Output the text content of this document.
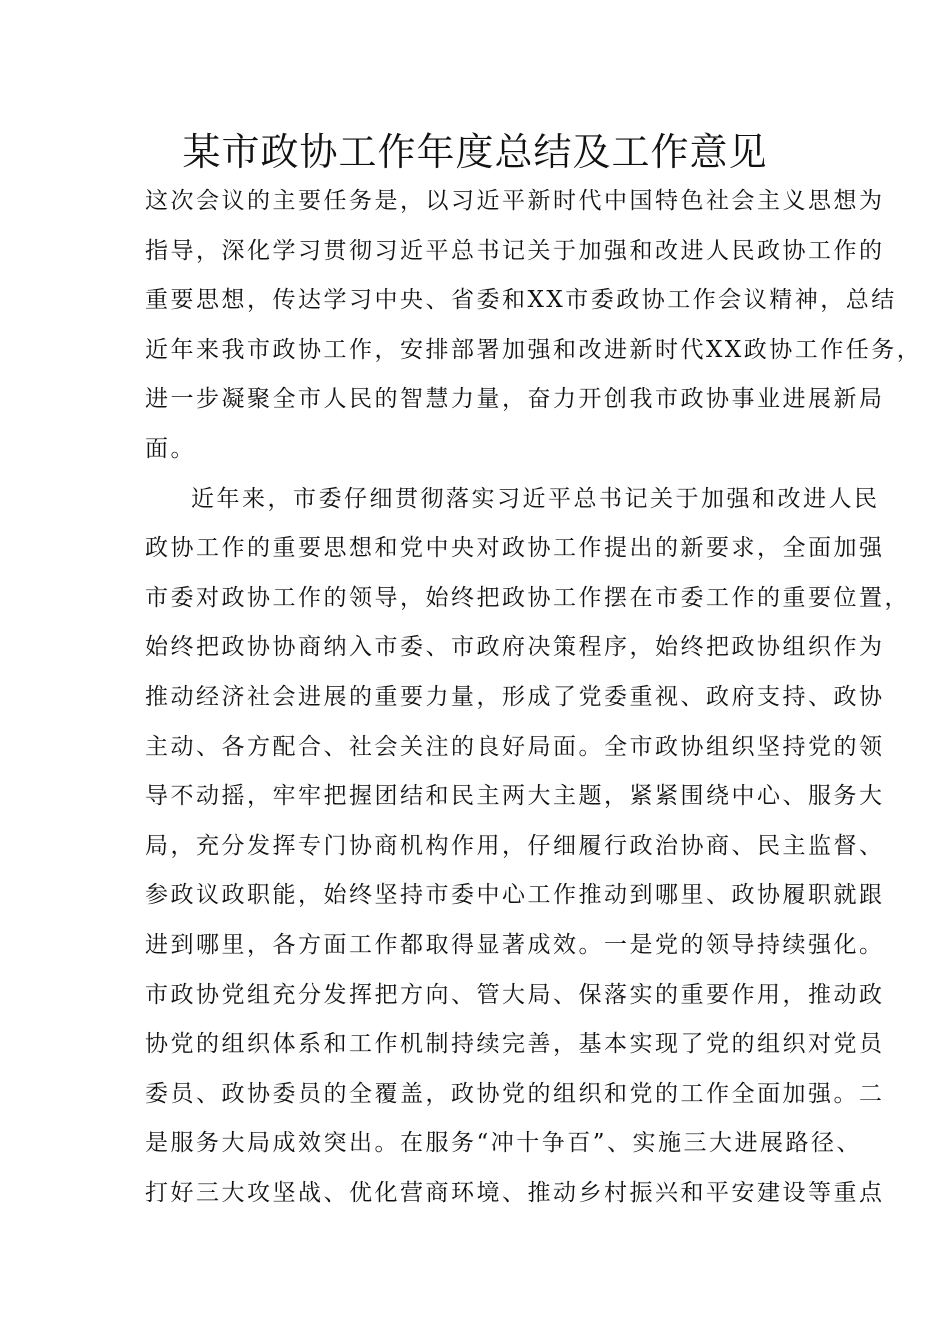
某市政协工作年度总结及工作意见
这次会议的主要任务是，以习近平新时代中国特色社会主义思想为
指导，深化学习贯彻习近平总书记关于加强和改进人民政协工作的
重要思想，传达学习中央、省委和XX市委政协工作会议精神，总结
近年来我市政协工作，安排部署加强和改进新时代XX政协工作任务，
进一步凝聚全市人民的智慧力量，奋力开创我市政协事业进展新局
面。
近年来，市委仔细贯彻落实习近平总书记关于加强和改进人民
政协工作的重要思想和党中央对政协工作提出的新要求，全面加强
市委对政协工作的领导，始终把政协工作摆在市委工作的重要位置，
始终把政协协商纳入市委、市政府决策程序，始终把政协组织作为
推动经济社会进展的重要力量，形成了党委重视、政府支持、政协
主动、各方配合、社会关注的良好局面。全市政协组织坚持党的领
导不动摇，牢牢把握团结和民主两大主题，紧紧围绕中心、服务大
局，充分发挥专门协商机构作用，仔细履行政治协商、民主监督、
参政议政职能，始终坚持市委中心工作推动到哪里、政协履职就跟
进到哪里，各方面工作都取得显著成效。一是党的领导持续强化。
市政协党组充分发挥把方向、管大局、保落实的重要作用，推动政
协党的组织体系和工作机制持续完善，基本实现了党的组织对党员
委员、政协委员的全覆盖，政协党的组织和党的工作全面加强。二
是服务大局成效突出。在服务“冲十争百”、实施三大进展路径、
打好三大攻坚战、优化营商环境、推动乡村振兴和平安建设等重点
